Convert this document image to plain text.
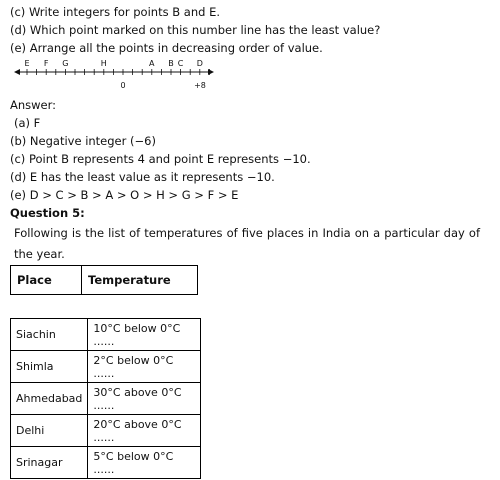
(c) Write integers for points B and E.
(d) Which point marked on this number line has the least value?
(e) Arrange all the points in decreasing order of value.
E F G	H	A B C D
0	+8
Answer:
(a) F
(b) Negative integer (−6)
(c) Point B represents 4 and point E represents −10.
(d) E has the least value as it represents −10.
(e) D > C > B > A > O > H > G > F > E
Question 5:
Following is the list of temperatures of five places in India on a particular day of the year.
Place	Temperature
Siachin	10°C below 0°C ......
Shimla	2°C below 0°C ......
Ahmedabad	30°C above 0°C ......
Delhi	20°C above 0°C ......
Srinagar	5°C below 0°C ......
